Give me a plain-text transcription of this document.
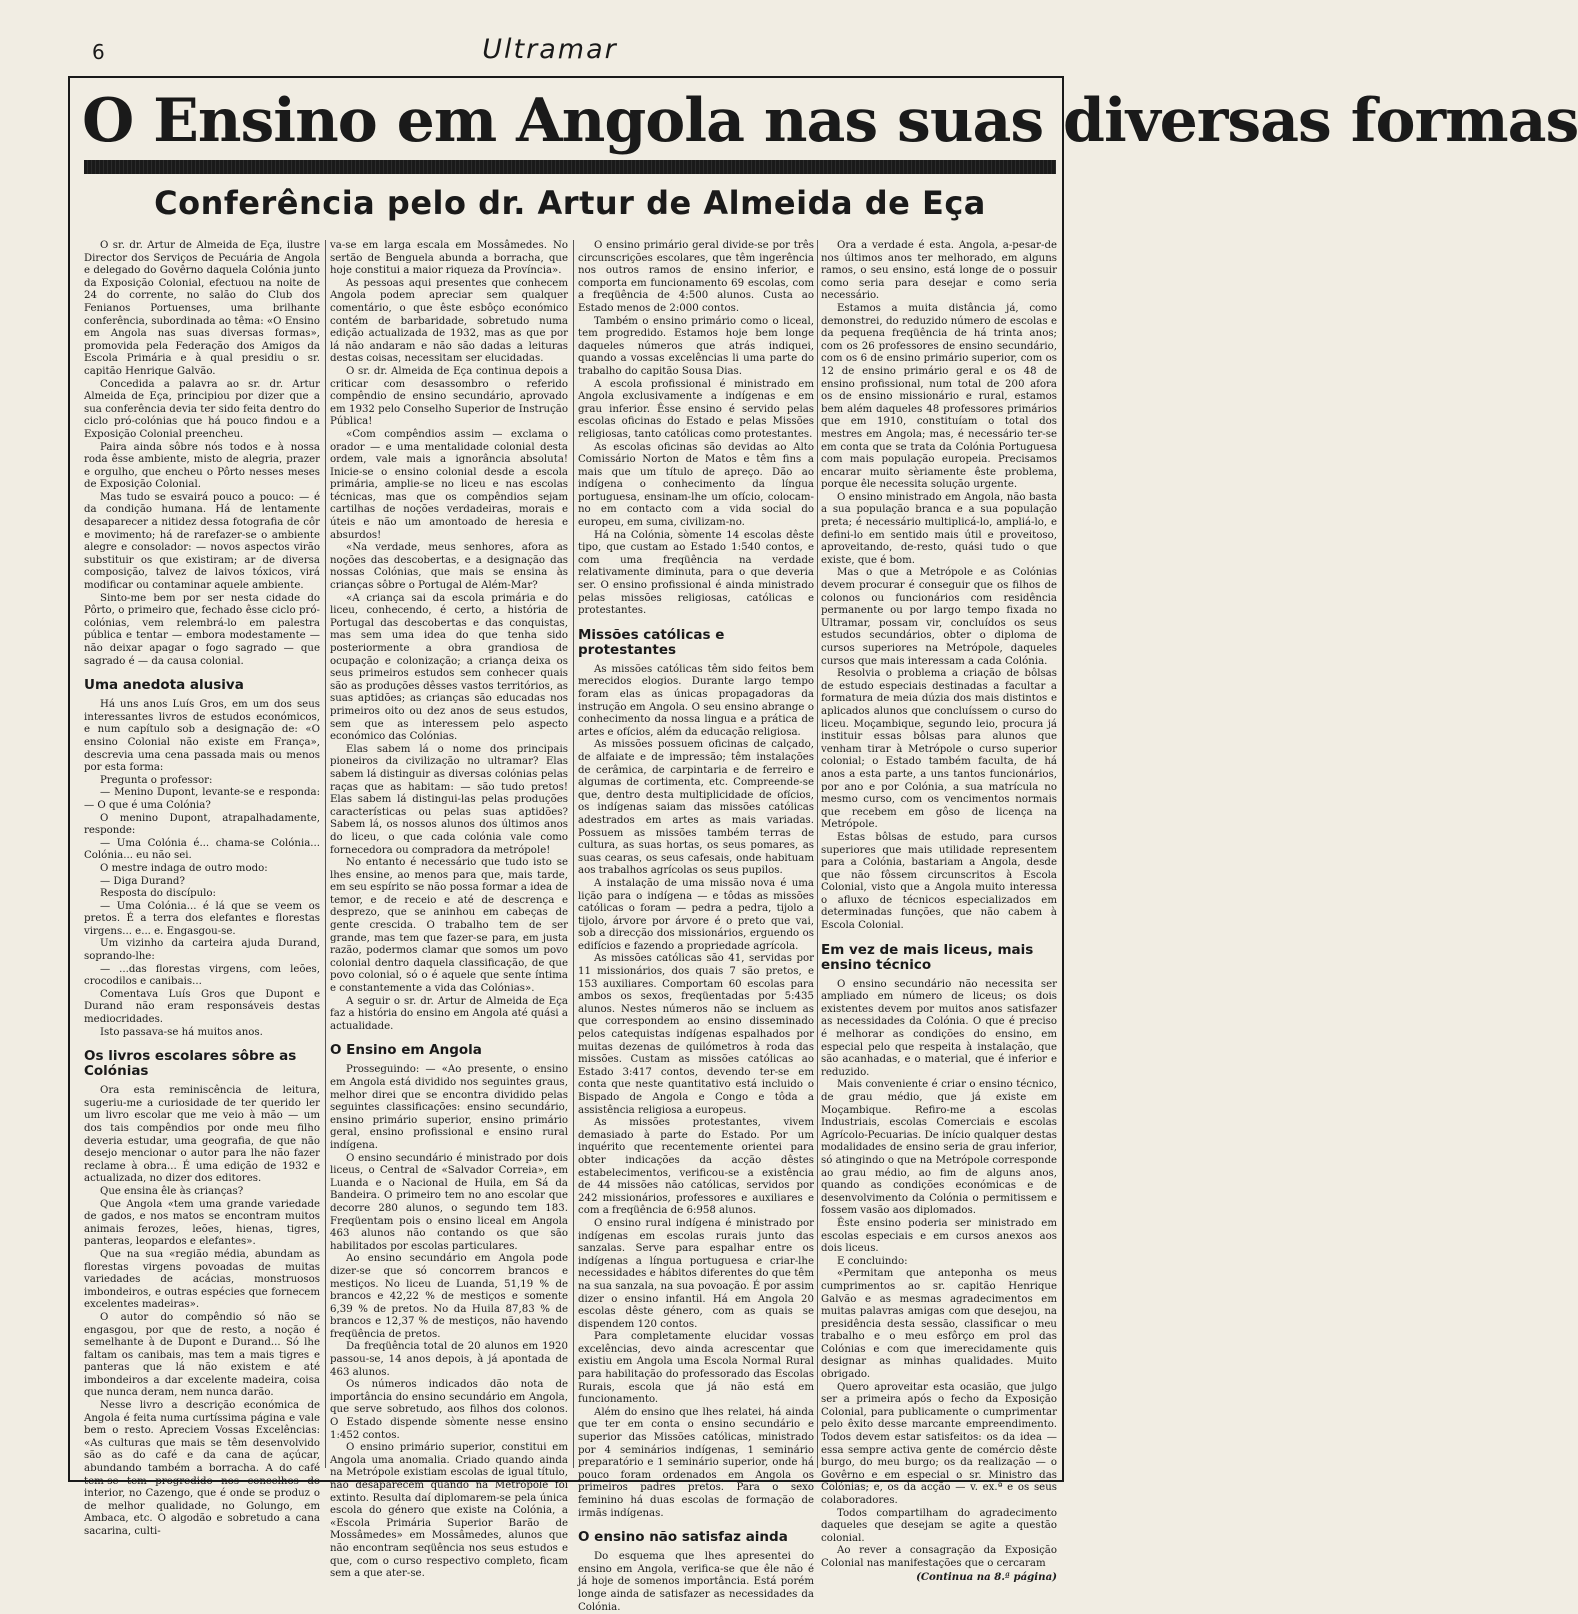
6	Ultramar
O Ensino em Angola nas suas diversas formas
Conferência pelo dr. Artur de Almeida de Eça

O sr. dr. Artur de Almeida de Eça, ilustre Director dos Serviços de Pecuária de Angola e delegado do Govêrno daquela Colónia junto da Exposição Colonial, efectuou na noite de 24 do corrente, no salão do Club dos Fenianos Portuenses, uma brilhante conferência, subordinada ao têma: «O Ensino em Angola nas suas diversas formas», promovida pela Federação dos Amigos da Escola Primária e à qual presidiu o sr. capitão Henrique Galvão.

Concedida a palavra ao sr. dr. Artur Almeida de Eça, principiou por dizer que a sua conferência devia ter sido feita dentro do ciclo pró-colónias que há pouco findou e a Exposição Colonial preencheu.

Paira ainda sôbre nós todos e à nossa roda êsse ambiente, misto de alegria, prazer e orgulho, que encheu o Pôrto nesses meses de Exposição Colonial.

Mas tudo se esvairá pouco a pouco: — é da condição humana. Há de lentamente desaparecer a nitidez dessa fotografia de côr e movimento; há de rarefazer-se o ambiente alegre e consolador: — novos aspectos virão substituir os que existiram; ar de diversa composição, talvez de laivos tóxicos, virá modificar ou contaminar aquele ambiente.

Sinto-me bem por ser nesta cidade do Pôrto, o primeiro que, fechado êsse ciclo pró-colónias, vem relembrá-lo em palestra pública e tentar — embora modestamente — não deixar apagar o fogo sagrado — que sagrado é — da causa colonial.

Uma anedota alusiva

Há uns anos Luís Gros, em um dos seus interessantes livros de estudos económicos, e num capítulo sob a designação de: «O ensino Colonial não existe em França», descrevia uma cena passada mais ou menos por esta forma:

Pregunta o professor:

— Menino Dupont, levante-se e responda: — O que é uma Colónia?

O menino Dupont, atrapalhadamente, responde:

— Uma Colónia é... chama-se Colónia... Colónia... eu não sei.

O mestre indaga de outro modo:

— Diga Durand?

Resposta do discípulo:

— Uma Colónia... é lá que se veem os pretos. É a terra dos elefantes e florestas virgens... e... e. Engasgou-se.

Um vizinho da carteira ajuda Durand, soprando-lhe:

— ...das florestas virgens, com leões, crocodilos e canibais...

Comentava Luís Gros que Dupont e Durand não eram responsáveis destas mediocridades.

Isto passava-se há muitos anos.

Os livros escolares sôbre as Colónias

Ora esta reminiscência de leitura, sugeriu-me a curiosidade de ter querido ler um livro escolar que me veio à mão — um dos tais compêndios por onde meu filho deveria estudar, uma geografia, de que não desejo mencionar o autor para lhe não fazer reclame à obra... É uma edição de 1932 e actualizada, no dizer dos editores.

Que ensina êle às crianças?

Que Angola «tem uma grande variedade de gados, e nos matos se encontram muitos animais ferozes, leões, hienas, tigres, panteras, leopardos e elefantes».

Que na sua «região média, abundam as florestas virgens povoadas de muitas variedades de acácias, monstruosos imbondeiros, e outras espécies que fornecem excelentes madeiras».

O autor do compêndio só não se engasgou, por que de resto, a noção é semelhante à de Dupont e Durand... Só lhe faltam os canibais, mas tem a mais tigres e panteras que lá não existem e até imbondeiros a dar excelente madeira, coisa que nunca deram, nem nunca darão.

Nesse livro a descrição económica de Angola é feita numa curtíssima página e vale bem o resto. Apreciem Vossas Excelências: «As culturas que mais se têm desenvolvido são as do café e da cana de açúcar, abundando também a borracha. A do café tem-se tem progredido nos concelhos do interior, no Cazengo, que é onde se produz o de melhor qualidade, no Golungo, em Ambaca, etc. O algodão e sobretudo a cana sacarina, culti-

va-se em larga escala em Mossâmedes. No sertão de Benguela abunda a borracha, que hoje constitui a maior riqueza da Província».

As pessoas aqui presentes que conhecem Angola podem apreciar sem qualquer comentário, o que êste esbôço económico contém de barbaridade, sobretudo numa edição actualizada de 1932, mas as que por lá não andaram e não são dadas a leituras destas coisas, necessitam ser elucidadas.

O sr. dr. Almeida de Eça continua depois a criticar com desassombro o referido compêndio de ensino secundário, aprovado em 1932 pelo Conselho Superior de Instrução Pública!

«Com compêndios assim — exclama o orador — e uma mentalidade colonial desta ordem, vale mais a ignorância absoluta! Inicie-se o ensino colonial desde a escola primária, amplie-se no liceu e nas escolas técnicas, mas que os compêndios sejam cartilhas de noções verdadeiras, morais e úteis e não um amontoado de heresia e absurdos!

«Na verdade, meus senhores, afora as noções das descobertas, e a designação das nossas Colónias, que mais se ensina às crianças sôbre o Portugal de Além-Mar?

«A criança sai da escola primária e do liceu, conhecendo, é certo, a história de Portugal das descobertas e das conquistas, mas sem uma idea do que tenha sido posteriormente a obra grandiosa de ocupação e colonização; a criança deixa os seus primeiros estudos sem conhecer quais são as produções dêsses vastos territórios, as suas aptidões; as crianças são educadas nos primeiros oito ou dez anos de seus estudos, sem que as interessem pelo aspecto económico das Colónias.

Elas sabem lá o nome dos principais pioneiros da civilização no ultramar? Elas sabem lá distinguir as diversas colónias pelas raças que as habitam: — são tudo pretos! Elas sabem lá distingui-las pelas produções características ou pelas suas aptidões? Sabem lá, os nossos alunos dos últimos anos do liceu, o que cada colónia vale como fornecedora ou compradora da metrópole!

No entanto é necessário que tudo isto se lhes ensine, ao menos para que, mais tarde, em seu espírito se não possa formar a idea de temor, e de receio e até de descrença e desprezo, que se aninhou em cabeças de gente crescida. O trabalho tem de ser grande, mas tem que fazer-se para, em justa razão, podermos clamar que somos um povo colonial dentro daquela classificação, de que povo colonial, só o é aquele que sente íntima e constantemente a vida das Colónias».

A seguir o sr. dr. Artur de Almeida de Eça faz a história do ensino em Angola até quási a actualidade.

O Ensino em Angola

Prosseguindo: — «Ao presente, o ensino em Angola está dividido nos seguintes graus, melhor direi que se encontra dividido pelas seguintes classificações: ensino secundário, ensino primário superior, ensino primário geral, ensino profissional e ensino rural indígena.

O ensino secundário é ministrado por dois liceus, o Central de «Salvador Correia», em Luanda e o Nacional de Huila, em Sá da Bandeira. O primeiro tem no ano escolar que decorre 280 alunos, o segundo tem 183. Freqüentam pois o ensino liceal em Angola 463 alunos não contando os que são habilitados por escolas particulares.

Ao ensino secundário em Angola pode dizer-se que só concorrem brancos e mestiços. No liceu de Luanda, 51,19 % de brancos e 42,22 % de mestiços e somente 6,39 % de pretos. No da Huila 87,83 % de brancos e 12,37 % de mestiços, não havendo freqüência de pretos.

Da freqüência total de 20 alunos em 1920 passou-se, 14 anos depois, à já apontada de 463 alunos.

Os números indicados dão nota de importância do ensino secundário em Angola, que serve sobretudo, aos filhos dos colonos. O Estado dispende sòmente nesse ensino 1:452 contos.

O ensino primário superior, constitui em Angola uma anomalia. Criado quando ainda na Metrópole existiam escolas de igual título, não desaparecem quando na Metrópole foi extinto. Resulta daí diplomarem-se pela única escola do género que existe na Colónia, a «Escola Primária Superior Barão de Mossâmedes» em Mossâmedes, alunos que não encontram seqüência nos seus estudos e que, com o curso respectivo completo, ficam sem a que ater-se.

O ensino primário geral divide-se por três circunscrições escolares, que têm ingerência nos outros ramos de ensino inferior, e comporta em funcionamento 69 escolas, com a freqüência de 4:500 alunos. Custa ao Estado menos de 2:000 contos.

Também o ensino primário como o liceal, tem progredido. Estamos hoje bem longe daqueles números que atrás indiquei, quando a vossas excelências li uma parte do trabalho do capitão Sousa Dias.

A escola profissional é ministrado em Angola exclusivamente a indígenas e em grau inferior. Êsse ensino é servido pelas escolas oficinas do Estado e pelas Missões religiosas, tanto católicas como protestantes.

As escolas oficinas são devidas ao Alto Comissário Norton de Matos e têm fins a mais que um título de apreço. Dão ao indígena o conhecimento da língua portuguesa, ensinam-lhe um ofício, colocam-no em contacto com a vida social do europeu, em suma, civilizam-no.

Há na Colónia, sòmente 14 escolas dêste tipo, que custam ao Estado 1:540 contos, e com uma freqüência na verdade relativamente diminuta, para o que deveria ser. O ensino profissional é ainda ministrado pelas missões religiosas, católicas e protestantes.

Missões católicas e protestantes

As missões católicas têm sido feitos bem merecidos elogios. Durante largo tempo foram elas as únicas propagadoras da instrução em Angola. O seu ensino abrange o conhecimento da nossa lingua e a prática de artes e ofícios, além da educação religiosa.

As missões possuem oficinas de calçado, de alfaiate e de impressão; têm instalações de cerâmica, de carpintaria e de ferreiro e algumas de cortimenta, etc. Compreende-se que, dentro desta multiplicidade de ofícios, os indígenas saiam das missões católicas adestrados em artes as mais variadas. Possuem as missões também terras de cultura, as suas hortas, os seus pomares, as suas cearas, os seus cafesais, onde habituam aos trabalhos agrícolas os seus pupilos.

A instalação de uma missão nova é uma lição para o indígena — e tôdas as missões católicas o foram — pedra a pedra, tijolo a tijolo, árvore por árvore é o preto que vai, sob a direcção dos missionários, erguendo os edifícios e fazendo a propriedade agrícola.

As missões católicas são 41, servidas por 11 missionários, dos quais 7 são pretos, e 153 auxiliares. Comportam 60 escolas para ambos os sexos, freqüentadas por 5:435 alunos. Nestes números não se incluem as que correspondem ao ensino disseminado pelos catequistas indígenas espalhados por muitas dezenas de quilómetros à roda das missões. Custam as missões católicas ao Estado 3:417 contos, devendo ter-se em conta que neste quantitativo está incluido o Bispado de Angola e Congo e tôda a assistência religiosa a europeus.

As missões protestantes, vivem demasiado à parte do Estado. Por um inquérito que recentemente orientei para obter indicações da acção dêstes estabelecimentos, verificou-se a existência de 44 missões não católicas, servidos por 242 missionários, professores e auxiliares e com a freqüência de 6:958 alunos.

O ensino rural indígena é ministrado por indígenas em escolas rurais junto das sanzalas. Serve para espalhar entre os indígenas a língua portuguesa e criar-lhe necessidades e hábitos diferentes do que têm na sua sanzala, na sua povoação. É por assim dizer o ensino infantil. Há em Angola 20 escolas dêste género, com as quais se dispendem 120 contos.

Para completamente elucidar vossas excelências, devo ainda acrescentar que existiu em Angola uma Escola Normal Rural para habilitação do professorado das Escolas Rurais, escola que já não está em funcionamento.

Além do ensino que lhes relatei, há ainda que ter em conta o ensino secundário e superior das Missões católicas, ministrado por 4 seminários indígenas, 1 seminário preparatório e 1 seminário superior, onde há pouco foram ordenados em Angola os primeiros padres pretos. Para o sexo feminino há duas escolas de formação de irmãs indígenas.

O ensino não satisfaz ainda

Do esquema que lhes apresentei do ensino em Angola, verifica-se que êle não é já hoje de somenos importância. Está porém longe ainda de satisfazer as necessidades da Colónia.

Ora a verdade é esta. Angola, a-pesar-de nos últimos anos ter melhorado, em alguns ramos, o seu ensino, está longe de o possuir como seria para desejar e como seria necessário.

Estamos a muita distância já, como demonstrei, do reduzido número de escolas e da pequena freqüência de há trinta anos; com os 26 professores de ensino secundário, com os 6 de ensino primário superior, com os 12 de ensino primário geral e os 48 de ensino profissional, num total de 200 afora os de ensino missionário e rural, estamos bem além daqueles 48 professores primários que em 1910, constituíam o total dos mestres em Angola; mas, é necessário ter-se em conta que se trata da Colónia Portuguesa com mais população europeia. Precisamos encarar muito sèriamente êste problema, porque êle necessita solução urgente.

O ensino ministrado em Angola, não basta a sua população branca e a sua população preta; é necessário multiplicá-lo, ampliá-lo, e defini-lo em sentido mais útil e proveitoso, aproveitando, de-resto, quási tudo o que existe, que é bom.

Mas o que a Metrópole e as Colónias devem procurar é conseguir que os filhos de colonos ou funcionários com residência permanente ou por largo tempo fixada no Ultramar, possam vir, concluídos os seus estudos secundários, obter o diploma de cursos superiores na Metrópole, daqueles cursos que mais interessam a cada Colónia.

Resolvia o problema a criação de bôlsas de estudo especiais destinadas a facultar a formatura de meia dúzia dos mais distintos e aplicados alunos que concluíssem o curso do liceu. Moçambique, segundo leio, procura já instituir essas bôlsas para alunos que venham tirar à Metrópole o curso superior colonial; o Estado também faculta, de há anos a esta parte, a uns tantos funcionários, por ano e por Colónia, a sua matrícula no mesmo curso, com os vencimentos normais que recebem em gôso de licença na Metrópole.

Estas bôlsas de estudo, para cursos superiores que mais utilidade representem para a Colónia, bastariam a Angola, desde que não fôssem circunscritos à Escola Colonial, visto que a Angola muito interessa o afluxo de técnicos especializados em determinadas funções, que não cabem à Escola Colonial.

Em vez de mais liceus, mais ensino técnico

O ensino secundário não necessita ser ampliado em número de liceus; os dois existentes devem por muitos anos satisfazer as necessidades da Colónia. O que é preciso é melhorar as condições do ensino, em especial pelo que respeita à instalação, que são acanhadas, e o material, que é inferior e reduzido.

Mais conveniente é criar o ensino técnico, de grau médio, que já existe em Moçambique. Refiro-me a escolas Industriais, escolas Comerciais e escolas Agrícolo-Pecuarias. De início qualquer destas modalidades de ensino seria de grau inferior, só atingindo o que na Metrópole corresponde ao grau médio, ao fim de alguns anos, quando as condições económicas e de desenvolvimento da Colónia o permitissem e fossem vasão aos diplomados.

Êste ensino poderia ser ministrado em escolas especiais e em cursos anexos aos dois liceus.

E concluindo:

«Permitam que anteponha os meus cumprimentos ao sr. capitão Henrique Galvão e as mesmas agradecimentos em muitas palavras amigas com que desejou, na presidência desta sessão, classificar o meu trabalho e o meu esfôrço em prol das Colónias e com que imerecidamente quis designar as minhas qualidades. Muito obrigado.

Quero aproveitar esta ocasião, que julgo ser a primeira após o fecho da Exposição Colonial, para publicamente o cumprimentar pelo êxito desse marcante empreendimento. Todos devem estar satisfeitos: os da idea — essa sempre activa gente de comércio dêste burgo, do meu burgo; os da realização — o Govêrno e em especial o sr. Ministro das Colónias; e, os da acção — v. ex.ª e os seus colaboradores.

Todos compartilham do agradecimento daqueles que desejam se agite a questão colonial.

Ao rever a consagração da Exposição Colonial nas manifestações que o cercaram

(Continua na 8.ª página)
